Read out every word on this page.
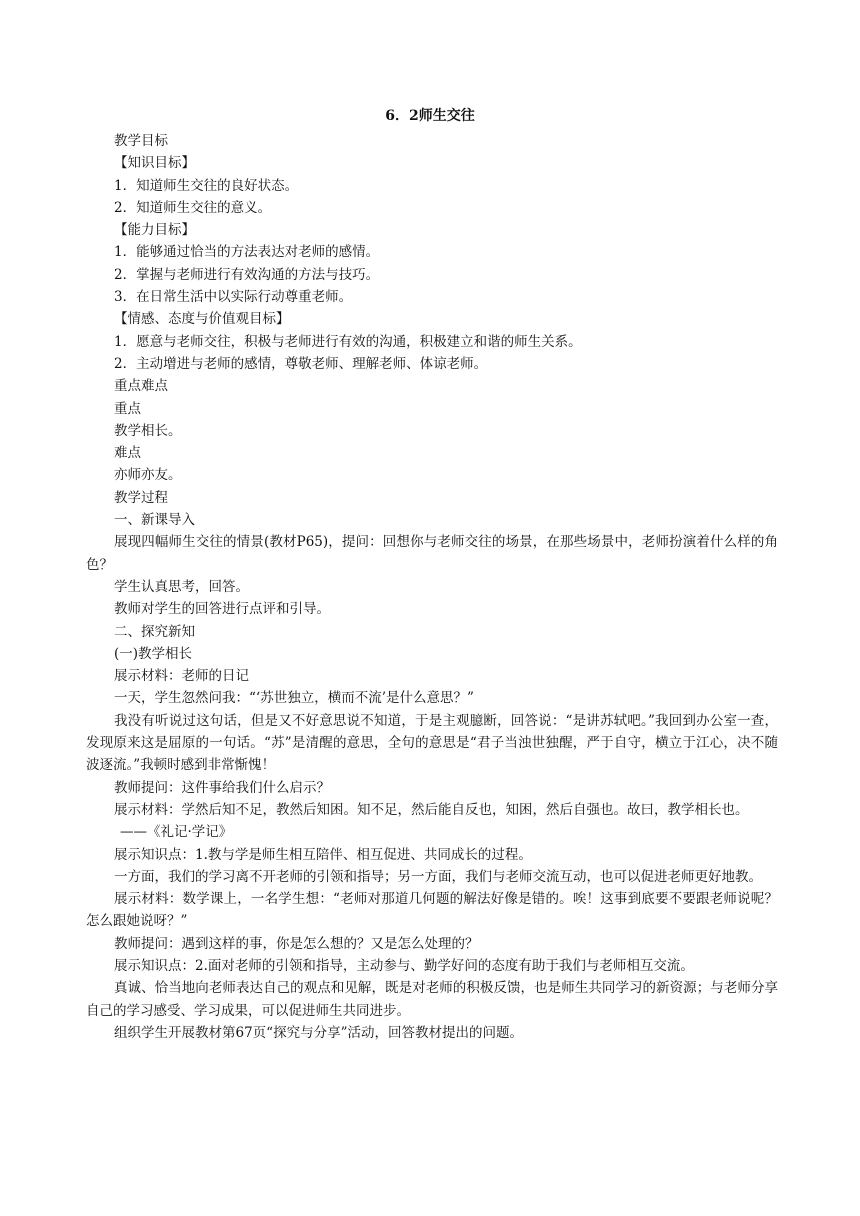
6．2师生交往

教学目标

【知识目标】

1．知道师生交往的良好状态。

2．知道师生交往的意义。

【能力目标】

1．能够通过恰当的方法表达对老师的感情。

2．掌握与老师进行有效沟通的方法与技巧。

3．在日常生活中以实际行动尊重老师。

【情感、态度与价值观目标】

1．愿意与老师交往，积极与老师进行有效的沟通，积极建立和谐的师生关系。

2．主动增进与老师的感情，尊敬老师、理解老师、体谅老师。

重点难点

重点

教学相长。

难点

亦师亦友。

教学过程

一、新课导入

展现四幅师生交往的情景(教材P65)，提问：回想你与老师交往的场景，在那些场景中，老师扮演着什么样的角色？

学生认真思考，回答。

教师对学生的回答进行点评和引导。

二、探究新知

(一)教学相长

展示材料：老师的日记

一天，学生忽然问我：“‘苏世独立，横而不流’是什么意思？”

我没有听说过这句话，但是又不好意思说不知道，于是主观臆断，回答说：“是讲苏轼吧。”我回到办公室一查，发现原来这是屈原的一句话。“苏”是清醒的意思，全句的意思是“君子当浊世独醒，严于自守，横立于江心，决不随波逐流。”我顿时感到非常惭愧！

教师提问：这件事给我们什么启示？

展示材料：学然后知不足，教然后知困。知不足，然后能自反也，知困，然后自强也。故曰，教学相长也。

——《礼记·学记》

展示知识点：1.教与学是师生相互陪伴、相互促进、共同成长的过程。

一方面，我们的学习离不开老师的引领和指导；另一方面，我们与老师交流互动，也可以促进老师更好地教。

展示材料：数学课上，一名学生想：“老师对那道几何题的解法好像是错的。唉！这事到底要不要跟老师说呢？怎么跟她说呀？”

教师提问：遇到这样的事，你是怎么想的？又是怎么处理的？

展示知识点：2.面对老师的引领和指导，主动参与、勤学好问的态度有助于我们与老师相互交流。

真诚、恰当地向老师表达自己的观点和见解，既是对老师的积极反馈，也是师生共同学习的新资源；与老师分享自己的学习感受、学习成果，可以促进师生共同进步。

组织学生开展教材第67页“探究与分享”活动，回答教材提出的问题。
